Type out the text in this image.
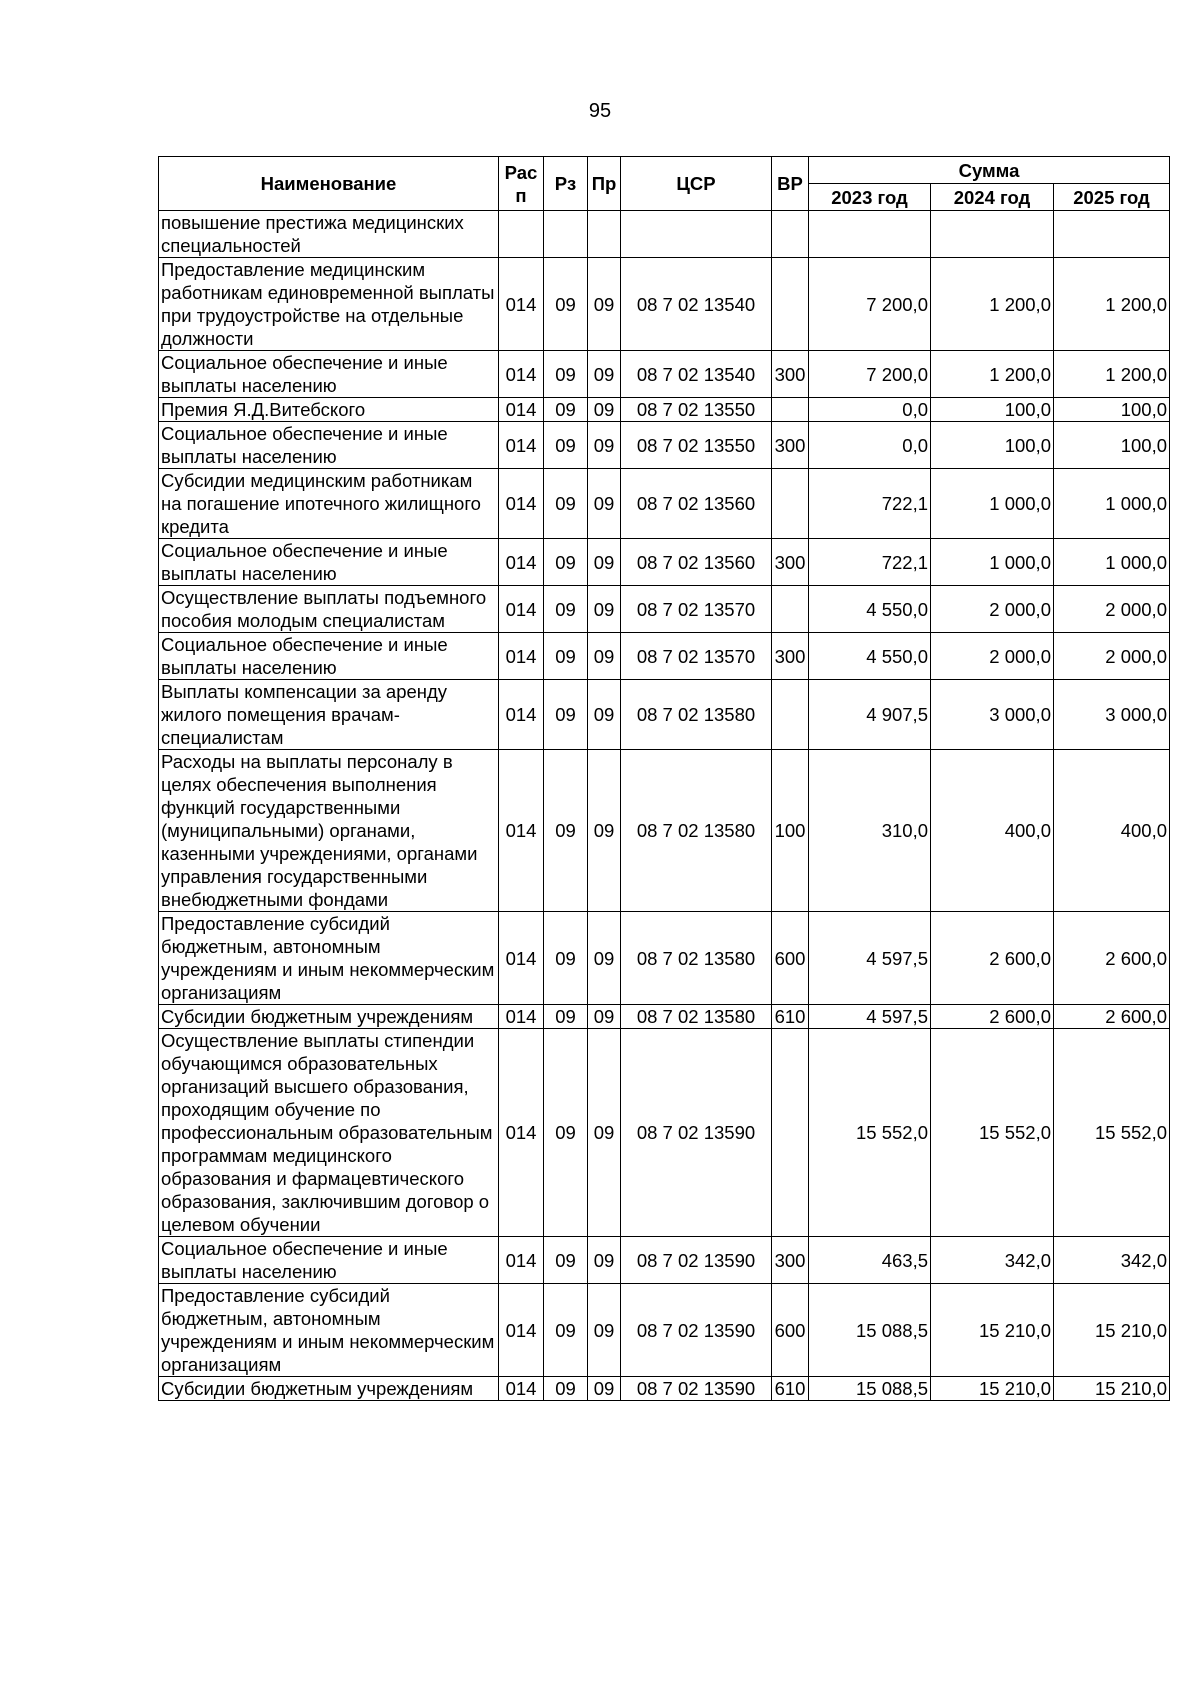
95
Наименование	Рас п	Рз	Пр	ЦСР	ВР	Сумма		
						2023 год	2024 год	2025 год
повышение престижа медицинских специальностей								
Предоставление медицинским работникам единовременной выплаты при трудоустройстве на отдельные должности	014	09	09	08 7 02 13540		7 200,0	1 200,0	1 200,0
Социальное обеспечение и иные выплаты населению	014	09	09	08 7 02 13540	300	7 200,0	1 200,0	1 200,0
Премия Я.Д.Витебского	014	09	09	08 7 02 13550		0,0	100,0	100,0
Социальное обеспечение и иные выплаты населению	014	09	09	08 7 02 13550	300	0,0	100,0	100,0
Субсидии медицинским работникам на погашение ипотечного жилищного кредита	014	09	09	08 7 02 13560		722,1	1 000,0	1 000,0
Социальное обеспечение и иные выплаты населению	014	09	09	08 7 02 13560	300	722,1	1 000,0	1 000,0
Осуществление выплаты подъемного пособия молодым специалистам	014	09	09	08 7 02 13570		4 550,0	2 000,0	2 000,0
Социальное обеспечение и иные выплаты населению	014	09	09	08 7 02 13570	300	4 550,0	2 000,0	2 000,0
Выплаты компенсации за аренду жилого помещения врачам-специалистам	014	09	09	08 7 02 13580		4 907,5	3 000,0	3 000,0
Расходы на выплаты персоналу в целях обеспечения выполнения функций государственными (муниципальными) органами, казенными учреждениями, органами управления государственными внебюджетными фондами	014	09	09	08 7 02 13580	100	310,0	400,0	400,0
Предоставление субсидий бюджетным, автономным учреждениям и иным некоммерческим организациям	014	09	09	08 7 02 13580	600	4 597,5	2 600,0	2 600,0
Субсидии бюджетным учреждениям	014	09	09	08 7 02 13580	610	4 597,5	2 600,0	2 600,0
Осуществление выплаты стипендии обучающимся образовательных организаций высшего образования, проходящим обучение по профессиональным образовательным программам медицинского образования и фармацевтического образования, заключившим договор о целевом обучении	014	09	09	08 7 02 13590		15 552,0	15 552,0	15 552,0
Социальное обеспечение и иные выплаты населению	014	09	09	08 7 02 13590	300	463,5	342,0	342,0
Предоставление субсидий бюджетным, автономным учреждениям и иным некоммерческим организациям	014	09	09	08 7 02 13590	600	15 088,5	15 210,0	15 210,0
Субсидии бюджетным учреждениям	014	09	09	08 7 02 13590	610	15 088,5	15 210,0	15 210,0
